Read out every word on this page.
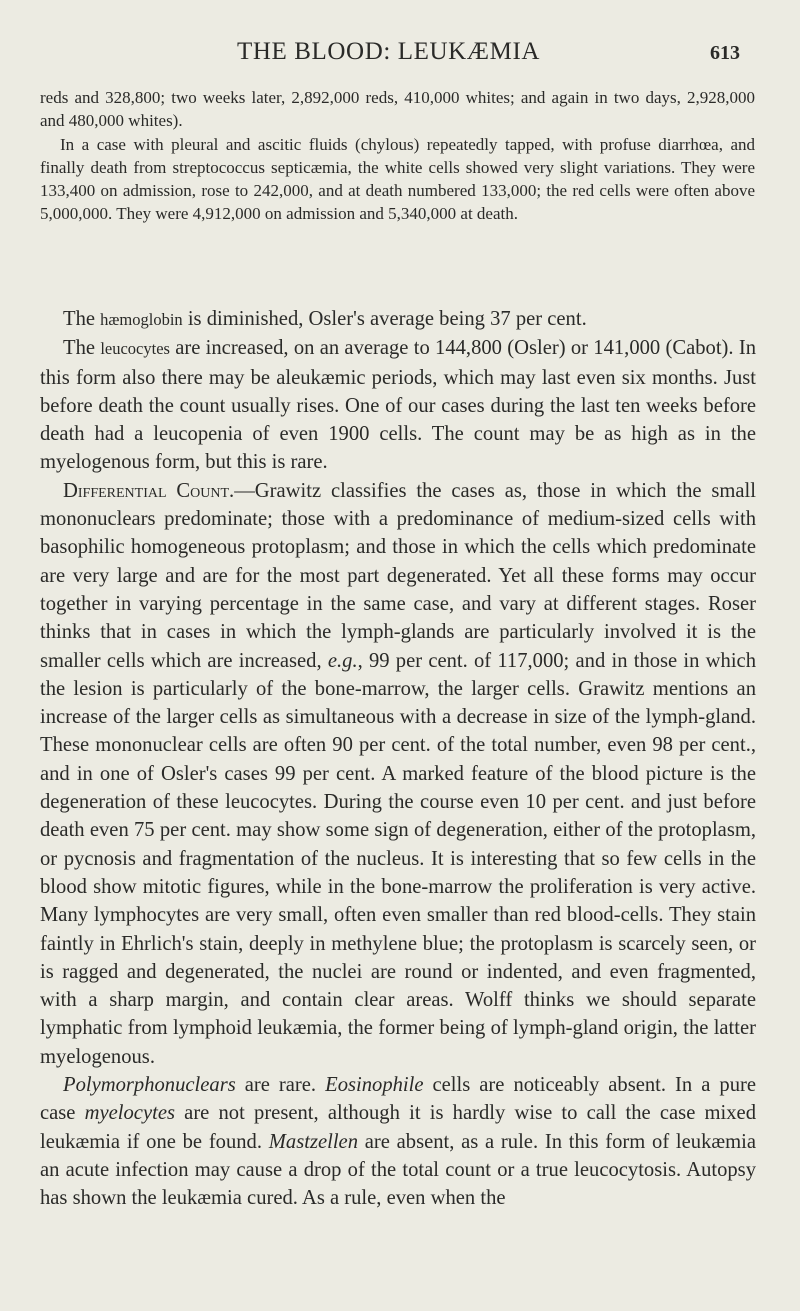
THE BLOOD: LEUKÆMIA	613

reds and 328,800; two weeks later, 2,892,000 reds, 410,000 whites; and again in two days, 2,928,000 and 480,000 whites).

In a case with pleural and ascitic fluids (chylous) repeatedly tapped, with profuse diarrhœa, and finally death from streptococcus septicæmia, the white cells showed very slight variations. They were 133,400 on admission, rose to 242,000, and at death numbered 133,000; the red cells were often above 5,000,000. They were 4,912,000 on admission and 5,340,000 at death.

The hæmoglobin is diminished, Osler's average being 37 per cent.

The leucocytes are increased, on an average to 144,800 (Osler) or 141,000 (Cabot). In this form also there may be aleukæmic periods, which may last even six months. Just before death the count usually rises. One of our cases during the last ten weeks before death had a leucopenia of even 1900 cells. The count may be as high as in the myelogenous form, but this is rare.

Differential Count.—Grawitz classifies the cases as, those in which the small mononuclears predominate; those with a predominance of medium-sized cells with basophilic homogeneous protoplasm; and those in which the cells which predominate are very large and are for the most part degenerated. Yet all these forms may occur together in varying percentage in the same case, and vary at different stages. Roser thinks that in cases in which the lymph-glands are particularly involved it is the smaller cells which are increased, e.g., 99 per cent. of 117,000; and in those in which the lesion is particularly of the bone-marrow, the larger cells. Grawitz mentions an increase of the larger cells as simultaneous with a decrease in size of the lymph-gland. These mononuclear cells are often 90 per cent. of the total number, even 98 per cent., and in one of Osler's cases 99 per cent. A marked feature of the blood picture is the degeneration of these leucocytes. During the course even 10 per cent. and just before death even 75 per cent. may show some sign of degeneration, either of the protoplasm, or pycnosis and fragmentation of the nucleus. It is interesting that so few cells in the blood show mitotic figures, while in the bone-marrow the proliferation is very active. Many lymphocytes are very small, often even smaller than red blood-cells. They stain faintly in Ehrlich's stain, deeply in methylene blue; the protoplasm is scarcely seen, or is ragged and degenerated, the nuclei are round or indented, and even fragmented, with a sharp margin, and contain clear areas. Wolff thinks we should separate lymphatic from lymphoid leukæmia, the former being of lymph-gland origin, the latter myelogenous.

Polymorphonuclears are rare. Eosinophile cells are noticeably absent. In a pure case myelocytes are not present, although it is hardly wise to call the case mixed leukæmia if one be found. Mastzellen are absent, as a rule. In this form of leukæmia an acute infection may cause a drop of the total count or a true leucocytosis. Autopsy has shown the leukæmia cured. As a rule, even when the
